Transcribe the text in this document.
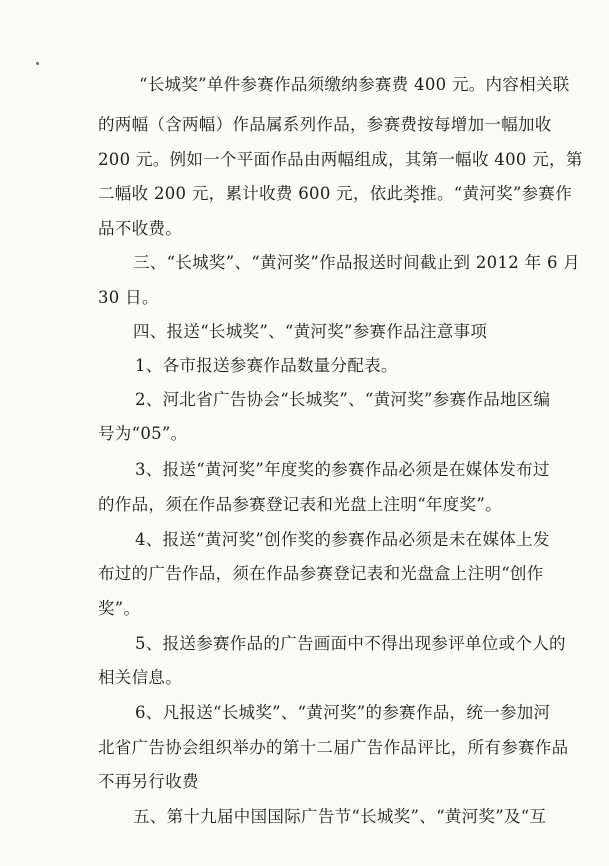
“长城奖”单件参赛作品须缴纳参赛费 400 元。内容相关联
的两幅（含两幅）作品属系列作品，参赛费按每增加一幅加收
200 元。例如一个平面作品由两幅组成，其第一幅收 400 元，第
二幅收 200 元，累计收费 600 元，依此类推。“黄河奖”参赛作
品不收费。
三、“长城奖”、“黄河奖”作品报送时间截止到 2012 年 6 月
30 日。
四、报送“长城奖”、“黄河奖”参赛作品注意事项
1、各市报送参赛作品数量分配表。
2、河北省广告协会“长城奖”、“黄河奖”参赛作品地区编
号为“05”。
3、报送“黄河奖”年度奖的参赛作品必须是在媒体发布过
的作品，须在作品参赛登记表和光盘上注明“年度奖”。
4、报送“黄河奖”创作奖的参赛作品必须是未在媒体上发
布过的广告作品，须在作品参赛登记表和光盘盒上注明“创作
奖”。
5、报送参赛作品的广告画面中不得出现参评单位或个人的
相关信息。
6、凡报送“长城奖”、“黄河奖”的参赛作品，统一参加河
北省广告协会组织举办的第十二届广告作品评比，所有参赛作品
不再另行收费
五、第十九届中国国际广告节“长城奖”、“黄河奖”及“互
